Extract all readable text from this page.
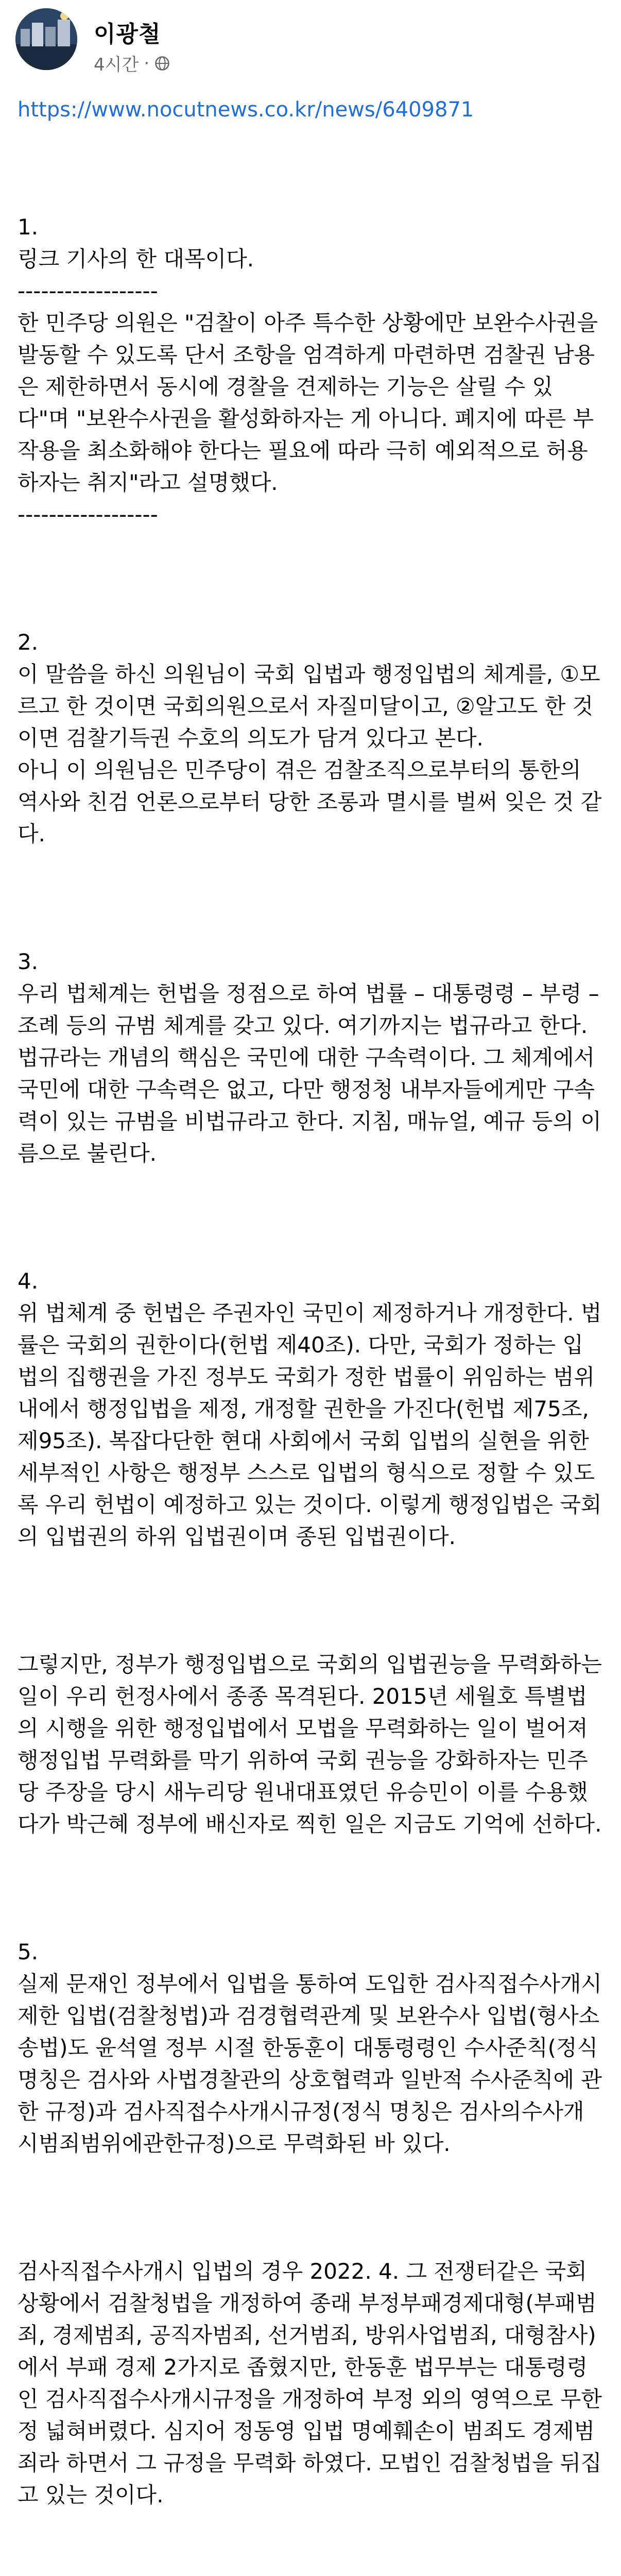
이광철
4시간 ·
https://www.nocutnews.co.kr/news/6409871

1.
링크 기사의 한 대목이다.
------------------
한 민주당 의원은 "검찰이 아주 특수한 상황에만 보완수사권을 발동할 수 있도록 단서 조항을 엄격하게 마련하면 검찰권 남용은 제한하면서 동시에 경찰을 견제하는 기능은 살릴 수 있다"며 "보완수사권을 활성화하자는 게 아니다. 폐지에 따른 부작용을 최소화해야 한다는 필요에 따라 극히 예외적으로 허용하자는 취지"라고 설명했다.
------------------

2.
이 말씀을 하신 의원님이 국회 입법과 행정입법의 체계를, ①모르고 한 것이면 국회의원으로서 자질미달이고, ②알고도 한 것이면 검찰기득권 수호의 의도가 담겨 있다고 본다.
아니 이 의원님은 민주당이 겪은 검찰조직으로부터의 통한의 역사와 친검 언론으로부터 당한 조롱과 멸시를 벌써 잊은 것 같다.

3.
우리 법체계는 헌법을 정점으로 하여 법률 – 대통령령 – 부령 – 조례 등의 규범 체계를 갖고 있다. 여기까지는 법규라고 한다. 법규라는 개념의 핵심은 국민에 대한 구속력이다. 그 체계에서 국민에 대한 구속력은 없고, 다만 행정청 내부자들에게만 구속력이 있는 규범을 비법규라고 한다. 지침, 매뉴얼, 예규 등의 이름으로 불린다.

4.
위 법체계 중 헌법은 주권자인 국민이 제정하거나 개정한다. 법률은 국회의 권한이다(헌법 제40조). 다만, 국회가 정하는 입법의 집행권을 가진 정부도 국회가 정한 법률이 위임하는 범위 내에서 행정입법을 제정, 개정할 권한을 가진다(헌법 제75조, 제95조). 복잡다단한 현대 사회에서 국회 입법의 실현을 위한 세부적인 사항은 행정부 스스로 입법의 형식으로 정할 수 있도록 우리 헌법이 예정하고 있는 것이다. 이렇게 행정입법은 국회의 입법권의 하위 입법권이며 종된 입법권이다.

그렇지만, 정부가 행정입법으로 국회의 입법권능을 무력화하는 일이 우리 헌정사에서 종종 목격된다. 2015년 세월호 특별법의 시행을 위한 행정입법에서 모법을 무력화하는 일이 벌어져 행정입법 무력화를 막기 위하여 국회 권능을 강화하자는 민주당 주장을 당시 새누리당 원내대표였던 유승민이 이를 수용했다가 박근혜 정부에 배신자로 찍힌 일은 지금도 기억에 선하다.

5.
실제 문재인 정부에서 입법을 통하여 도입한 검사직접수사개시제한 입법(검찰청법)과 검경협력관계 및 보완수사 입법(형사소송법)도 윤석열 정부 시절 한동훈이 대통령령인 수사준칙(정식 명칭은 검사와 사법경찰관의 상호협력과 일반적 수사준칙에 관한 규정)과 검사직접수사개시규정(정식 명칭은 검사의수사개시범죄범위에관한규정)으로 무력화된 바 있다.

검사직접수사개시 입법의 경우 2022. 4. 그 전쟁터같은 국회 상황에서 검찰청법을 개정하여 종래 부정부패경제대형(부패범죄, 경제범죄, 공직자범죄, 선거범죄, 방위사업범죄, 대형참사)에서 부패 경제 2가지로 좁혔지만, 한동훈 법무부는 대통령령인 검사직접수사개시규정을 개정하여 부정 외의 영역으로 무한정 넓혀버렸다. 심지어 정동영 입법 명예훼손이 범죄도 경제범죄라 하면서 그 규정을 무력화 하였다. 모법인 검찰청법을 뒤집고 있는 것이다.
